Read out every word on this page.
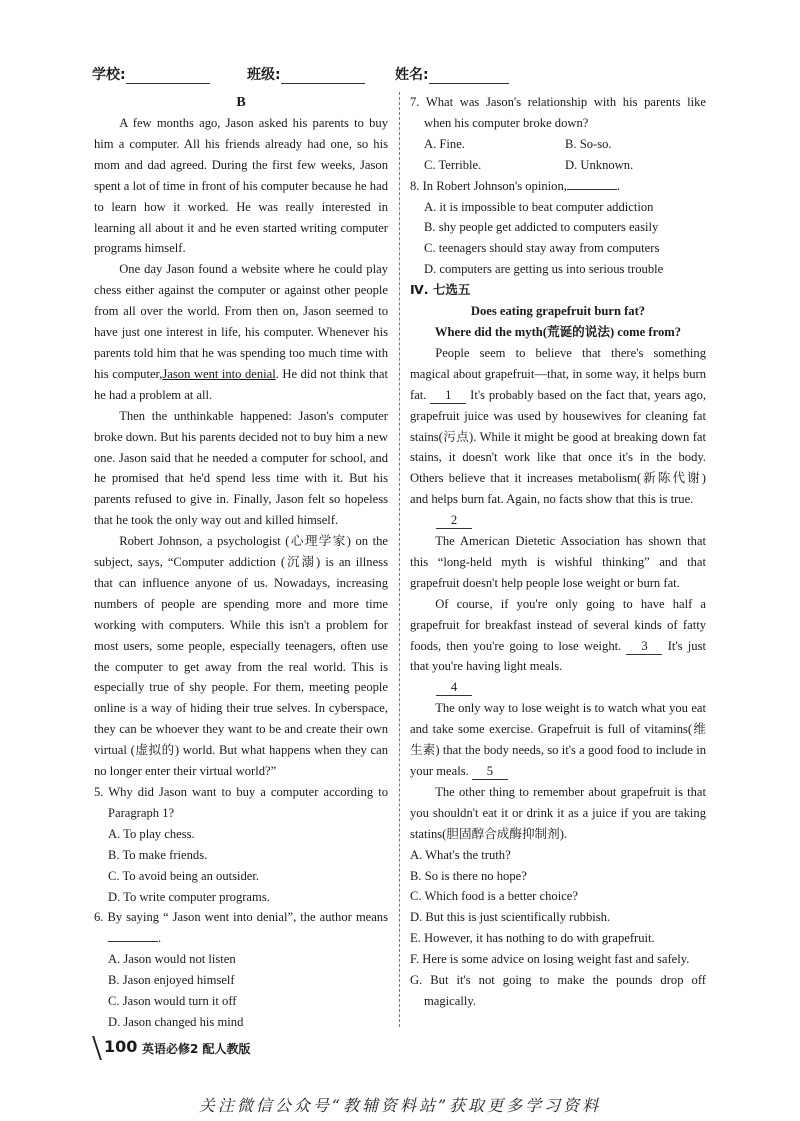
学校:	班级:	姓名:
B

A few months ago, Jason asked his parents to buy him a computer. All his friends already had one, so his mom and dad agreed. During the first few weeks, Jason spent a lot of time in front of his computer because he had to learn how it worked. He was really interested in learning all about it and he even started writing computer programs himself.

One day Jason found a website where he could play chess either against the computer or against other people from all over the world. From then on, Jason seemed to have just one interest in life, his computer. Whenever his parents told him that he was spending too much time with his computer,Jason went into denial. He did not think that he had a problem at all.

Then the unthinkable happened: Jason's computer broke down. But his parents decided not to buy him a new one. Jason said that he needed a computer for school, and he promised that he'd spend less time with it. But his parents refused to give in. Finally, Jason felt so hopeless that he took the only way out and killed himself.

Robert Johnson, a psychologist (心理学家) on the subject, says, “Computer addiction (沉溺) is an illness that can influence anyone of us. Nowadays, increasing numbers of people are spending more and more time working with computers. While this isn't a problem for most users, some people, especially teenagers, often use the computer to get away from the real world. This is especially true of shy people. For them, meeting people online is a way of hiding their true selves. In cyberspace, they can be whoever they want to be and create their own virtual (虚拟的) world. But what happens when they can no longer enter their virtual world?”

5. Why did Jason want to buy a computer according to Paragraph 1?

A. To play chess.

B. To make friends.

C. To avoid being an outsider.

D. To write computer programs.

6. By saying “ Jason went into denial”, the author means .

A. Jason would not listen

B. Jason enjoyed himself

C. Jason would turn it off

D. Jason changed his mind

7. What was Jason's relationship with his parents like when his computer broke down?

A. Fine.	B. So-so.
C. Terrible.	D. Unknown.

8. In Robert Johnson's opinion,	.

A. it is impossible to beat computer addiction

B. shy people get addicted to computers easily

C. teenagers should stay away from computers

D. computers are getting us into serious trouble

Ⅳ. 七选五

Does eating grapefruit burn fat?

Where did the myth(荒诞的说法) come from?

People seem to believe that there's something magical about grapefruit—that, in some way, it helps burn fat. 1 It's probably based on the fact that, years ago, grapefruit juice was used by housewives for cleaning fat stains(污点). While it might be good at breaking down fat stains, it doesn't work like that once it's in the body. Others believe that it increases metabolism(新陈代谢) and helps burn fat. Again, no facts show that this is true.

2

The American Dietetic Association has shown that this “long-held myth is wishful thinking” and that grapefruit doesn't help people lose weight or burn fat.

Of course, if you're only going to have half a grapefruit for breakfast instead of several kinds of fatty foods, then you're going to lose weight. 3 It's just that you're having light meals.

4

The only way to lose weight is to watch what you eat and take some exercise. Grapefruit is full of vitamins(维生素) that the body needs, so it's a good food to include in your meals. 5

The other thing to remember about grapefruit is that you shouldn't eat it or drink it as a juice if you are taking statins(胆固醇合成酶抑制剂).

A. What's the truth?

B. So is there no hope?

C. Which food is a better choice?

D. But this is just scientifically rubbish.

E. However, it has nothing to do with grapefruit.

F. Here is some advice on losing weight fast and safely.

G. But it's not going to make the pounds drop off magically.

100 英语必修2 配人教版
关注微信公众号“教辅资料站”获取更多学习资料
